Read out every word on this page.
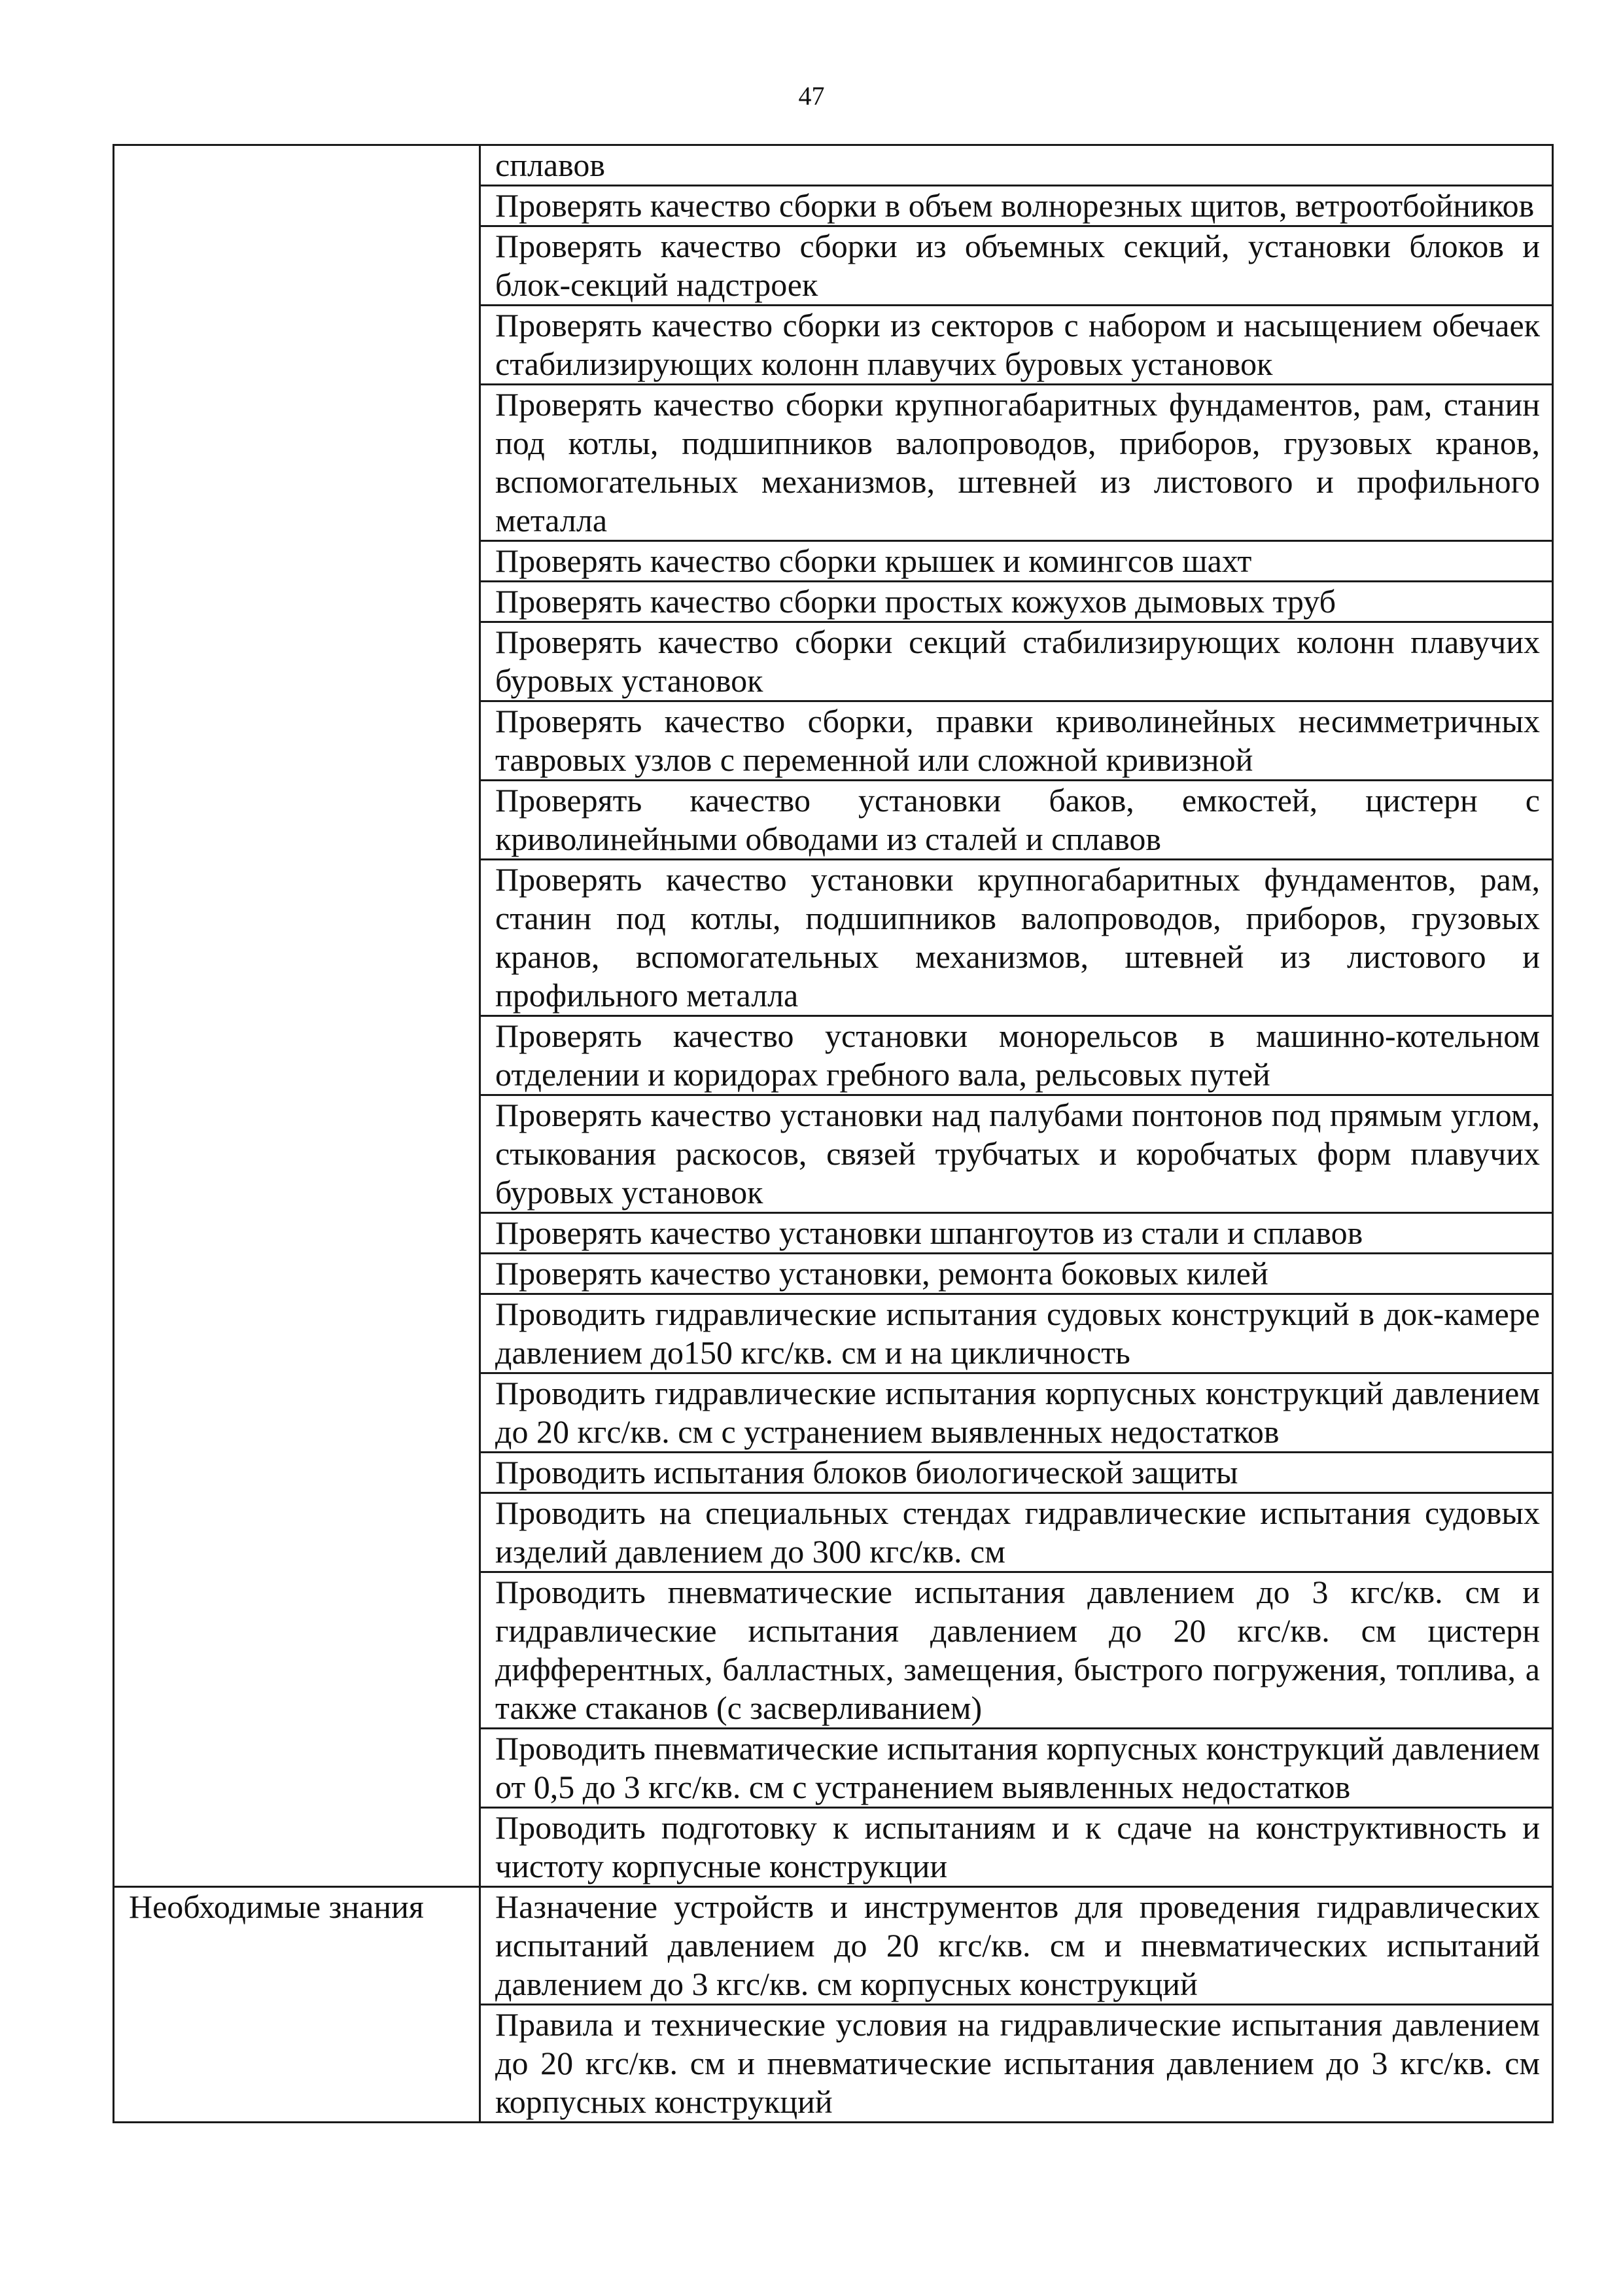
47
	сплавов
	Проверять качество сборки в объем волнорезных щитов, ветроотбойников
	Проверять качество сборки из объемных секций, установки блоков и блок-секций надстроек
	Проверять качество сборки из секторов с набором и насыщением обечаек стабилизирующих колонн плавучих буровых установок
	Проверять качество сборки крупногабаритных фундаментов, рам, станин под котлы, подшипников валопроводов, приборов, грузовых кранов, вспомогательных механизмов, штевней из листового и профильного металла
	Проверять качество сборки крышек и комингсов шахт
	Проверять качество сборки простых кожухов дымовых труб
	Проверять качество сборки секций стабилизирующих колонн плавучих буровых установок
	Проверять качество сборки, правки криволинейных несимметричных тавровых узлов с переменной или сложной кривизной
	Проверять качество установки баков, емкостей, цистерн с криволинейными обводами из сталей и сплавов
	Проверять качество установки крупногабаритных фундаментов, рам, станин под котлы, подшипников валопроводов, приборов, грузовых кранов, вспомогательных механизмов, штевней из листового и профильного металла
	Проверять качество установки монорельсов в машинно-котельном отделении и коридорах гребного вала, рельсовых путей
	Проверять качество установки над палубами понтонов под прямым углом, стыкования раскосов, связей трубчатых и коробчатых форм плавучих буровых установок
	Проверять качество установки шпангоутов из стали и сплавов
	Проверять качество установки, ремонта боковых килей
	Проводить гидравлические испытания судовых конструкций в док-камере давлением до150 кгс/кв. см и на цикличность
	Проводить гидравлические испытания корпусных конструкций давлением до 20 кгс/кв. см с устранением выявленных недостатков
	Проводить испытания блоков биологической защиты
	Проводить на специальных стендах гидравлические испытания судовых изделий давлением до 300 кгс/кв. см
	Проводить пневматические испытания давлением до 3 кгс/кв. см и гидравлические испытания давлением до 20 кгс/кв. см цистерн дифферентных, балластных, замещения, быстрого погружения, топлива, а также стаканов (с засверливанием)
	Проводить пневматические испытания корпусных конструкций давлением от 0,5 до 3 кгс/кв. см с устранением выявленных недостатков
	Проводить подготовку к испытаниям и к сдаче на конструктивность и чистоту корпусные конструкции
Необходимые знания	Назначение устройств и инструментов для проведения гидравлических испытаний давлением до 20 кгс/кв. см и пневматических испытаний давлением до 3 кгс/кв. см корпусных конструкций
	Правила и технические условия на гидравлические испытания давлением до 20 кгс/кв. см и пневматические испытания давлением до 3 кгс/кв. см корпусных конструкций
